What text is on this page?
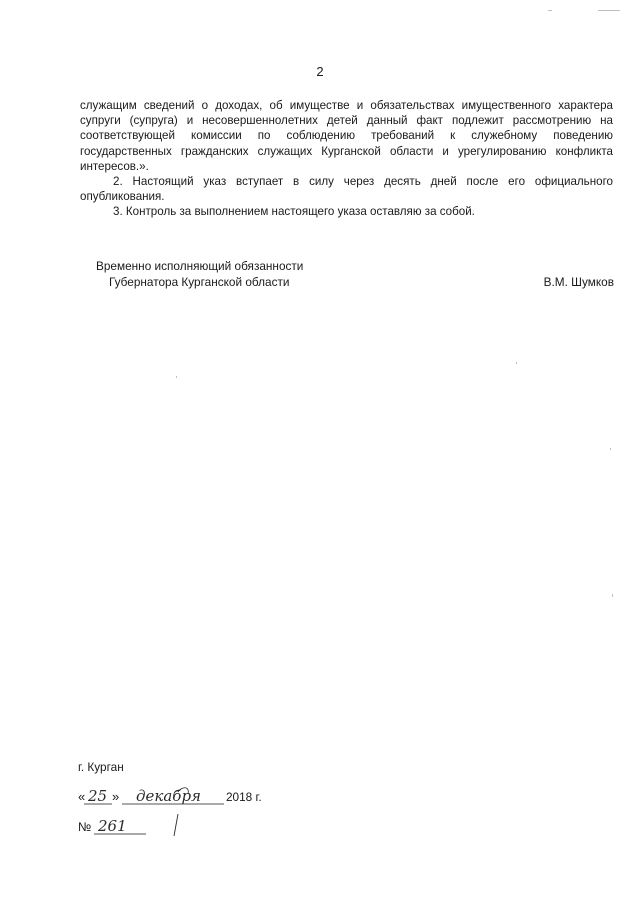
2

служащим сведений о доходах, об имуществе и обязательствах имущественного характера супруги (супруга) и несовершеннолетних детей данный факт подлежит рассмотрению на соответствующей комиссии по соблюдению требований к служебному поведению государственных гражданских служащих Курганской области и урегулированию конфликта интересов.».

2. Настоящий указ вступает в силу через десять дней после его официального опубликования.

3. Контроль за выполнением настоящего указа оставляю за собой.

Временно исполняющий обязанности
Губернатора Курганской области	В.М. Шумков
г. Курган
« 25 » декабря 2018 г.
№ 261
